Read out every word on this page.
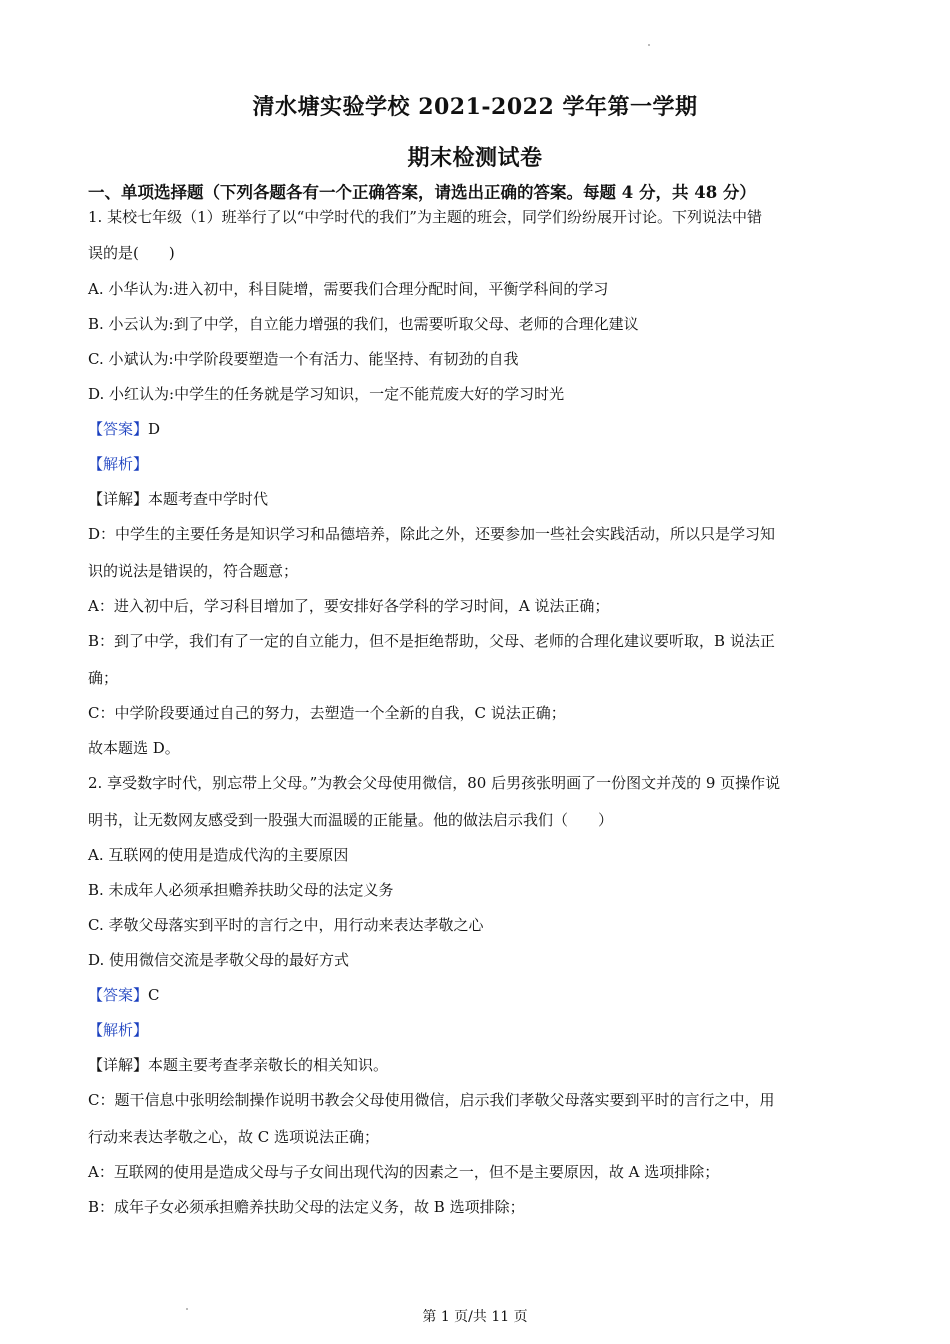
清水塘实验学校 2021-2022 学年第一学期
期末检测试卷
一、单项选择题（下列各题各有一个正确答案，请选出正确的答案。每题 4 分，共 48 分）
1. 某校七年级（1）班举行了以“中学时代的我们”为主题的班会，同学们纷纷展开讨论。下列说法中错
误的是(　　)
A. 小华认为:进入初中，科目陡增，需要我们合理分配时间，平衡学科间的学习
B. 小云认为:到了中学，自立能力增强的我们，也需要听取父母、老师的合理化建议
C. 小斌认为:中学阶段要塑造一个有活力、能坚持、有韧劲的自我
D. 小红认为:中学生的任务就是学习知识，一定不能荒废大好的学习时光
【答案】D
【解析】
【详解】本题考查中学时代
D：中学生的主要任务是知识学习和品德培养，除此之外，还要参加一些社会实践活动，所以只是学习知
识的说法是错误的，符合题意；
A：进入初中后，学习科目增加了，要安排好各学科的学习时间，A 说法正确；
B：到了中学，我们有了一定的自立能力，但不是拒绝帮助，父母、老师的合理化建议要听取，B 说法正
确；
C：中学阶段要通过自己的努力，去塑造一个全新的自我，C 说法正确；
故本题选 D。
2. 享受数字时代，别忘带上父母。”为教会父母使用微信，80 后男孩张明画了一份图文并茂的 9 页操作说
明书，让无数网友感受到一股强大而温暖的正能量。他的做法启示我们（　　）
A. 互联网的使用是造成代沟的主要原因
B. 未成年人必须承担赡养扶助父母的法定义务
C. 孝敬父母落实到平时的言行之中，用行动来表达孝敬之心
D. 使用微信交流是孝敬父母的最好方式
【答案】C
【解析】
【详解】本题主要考查孝亲敬长的相关知识。
C：题干信息中张明绘制操作说明书教会父母使用微信，启示我们孝敬父母落实要到平时的言行之中，用
行动来表达孝敬之心，故 C 选项说法正确；
A：互联网的使用是造成父母与子女间出现代沟的因素之一，但不是主要原因，故 A 选项排除；
B：成年子女必须承担赡养扶助父母的法定义务，故 B 选项排除；
第 1 页/共 11 页
